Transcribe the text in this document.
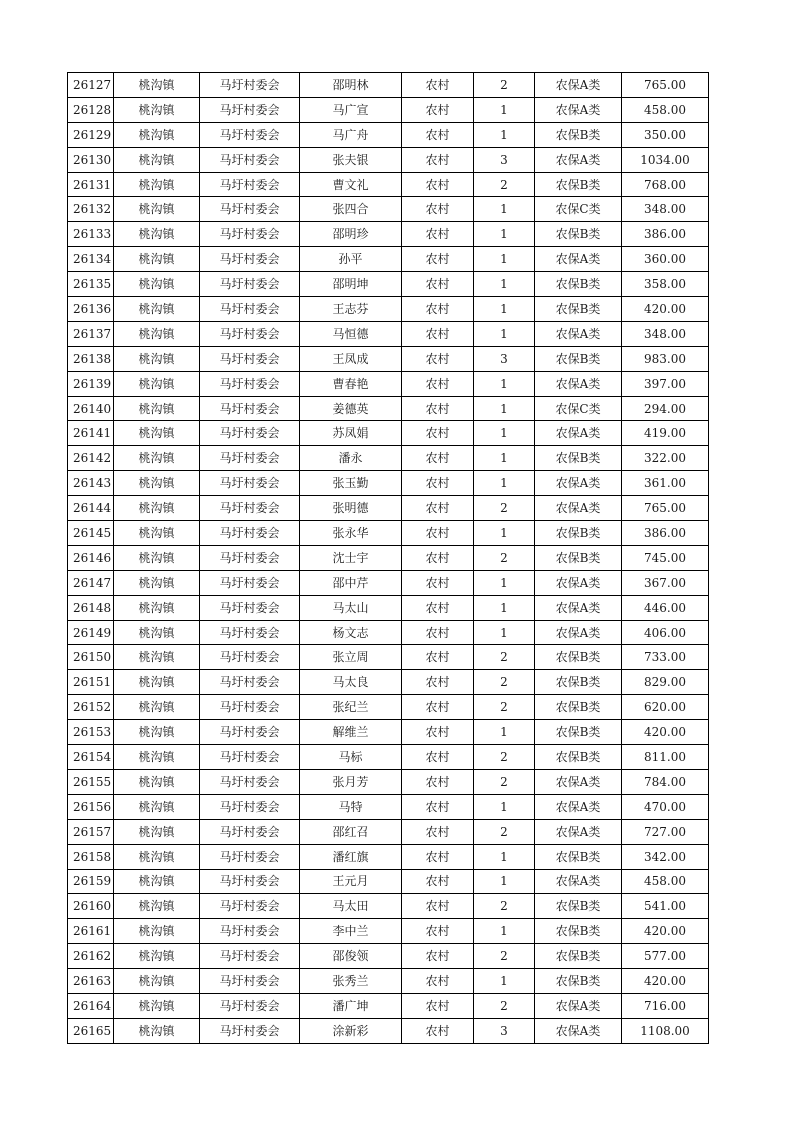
26127	桃沟镇	马圩村委会	邵明林	农村	2	农保A类	765.00
26128	桃沟镇	马圩村委会	马广宣	农村	1	农保A类	458.00
26129	桃沟镇	马圩村委会	马广舟	农村	1	农保B类	350.00
26130	桃沟镇	马圩村委会	张夫银	农村	3	农保A类	1034.00
26131	桃沟镇	马圩村委会	曹文礼	农村	2	农保B类	768.00
26132	桃沟镇	马圩村委会	张四合	农村	1	农保C类	348.00
26133	桃沟镇	马圩村委会	邵明珍	农村	1	农保B类	386.00
26134	桃沟镇	马圩村委会	孙平	农村	1	农保A类	360.00
26135	桃沟镇	马圩村委会	邵明坤	农村	1	农保B类	358.00
26136	桃沟镇	马圩村委会	王志芬	农村	1	农保B类	420.00
26137	桃沟镇	马圩村委会	马恒德	农村	1	农保A类	348.00
26138	桃沟镇	马圩村委会	王凤成	农村	3	农保B类	983.00
26139	桃沟镇	马圩村委会	曹春艳	农村	1	农保A类	397.00
26140	桃沟镇	马圩村委会	姜德英	农村	1	农保C类	294.00
26141	桃沟镇	马圩村委会	苏凤娟	农村	1	农保A类	419.00
26142	桃沟镇	马圩村委会	潘永	农村	1	农保B类	322.00
26143	桃沟镇	马圩村委会	张玉勤	农村	1	农保A类	361.00
26144	桃沟镇	马圩村委会	张明德	农村	2	农保A类	765.00
26145	桃沟镇	马圩村委会	张永华	农村	1	农保B类	386.00
26146	桃沟镇	马圩村委会	沈士宇	农村	2	农保B类	745.00
26147	桃沟镇	马圩村委会	邵中芹	农村	1	农保A类	367.00
26148	桃沟镇	马圩村委会	马太山	农村	1	农保A类	446.00
26149	桃沟镇	马圩村委会	杨文志	农村	1	农保A类	406.00
26150	桃沟镇	马圩村委会	张立周	农村	2	农保B类	733.00
26151	桃沟镇	马圩村委会	马太良	农村	2	农保B类	829.00
26152	桃沟镇	马圩村委会	张纪兰	农村	2	农保B类	620.00
26153	桃沟镇	马圩村委会	解维兰	农村	1	农保B类	420.00
26154	桃沟镇	马圩村委会	马标	农村	2	农保B类	811.00
26155	桃沟镇	马圩村委会	张月芳	农村	2	农保A类	784.00
26156	桃沟镇	马圩村委会	马特	农村	1	农保A类	470.00
26157	桃沟镇	马圩村委会	邵红召	农村	2	农保A类	727.00
26158	桃沟镇	马圩村委会	潘红旗	农村	1	农保B类	342.00
26159	桃沟镇	马圩村委会	王元月	农村	1	农保A类	458.00
26160	桃沟镇	马圩村委会	马太田	农村	2	农保B类	541.00
26161	桃沟镇	马圩村委会	李中兰	农村	1	农保B类	420.00
26162	桃沟镇	马圩村委会	邵俊领	农村	2	农保B类	577.00
26163	桃沟镇	马圩村委会	张秀兰	农村	1	农保B类	420.00
26164	桃沟镇	马圩村委会	潘广坤	农村	2	农保A类	716.00
26165	桃沟镇	马圩村委会	涂新彩	农村	3	农保A类	1108.00
